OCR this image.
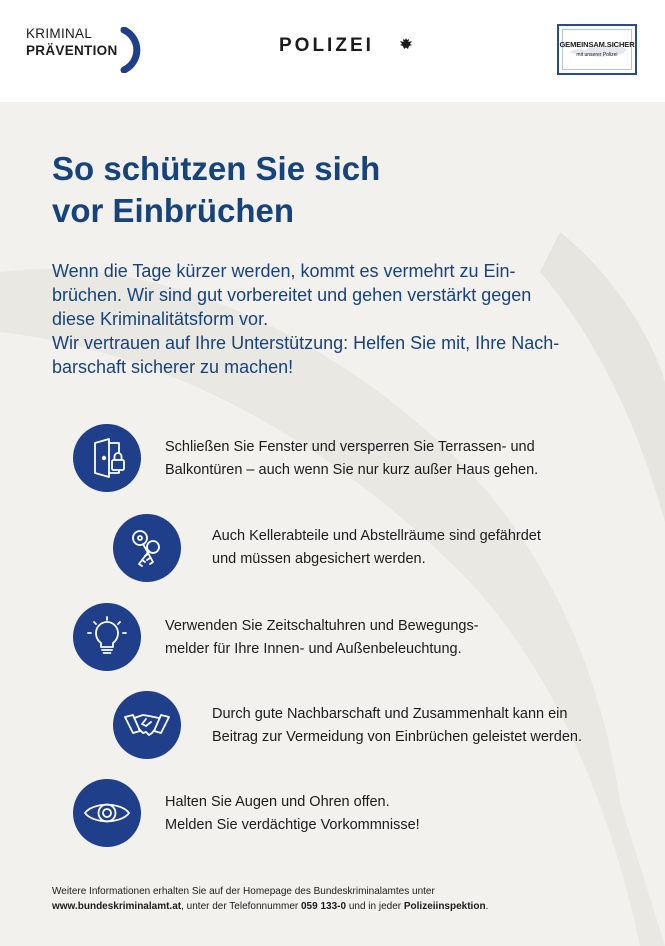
KRIMINAL
PRÄVENTION	POLIZEI	GEMEINSAM.SICHER
mit unserer Polizei
So schützen Sie sich
vor Einbrüchen
Wenn die Tage kürzer werden, kommt es vermehrt zu Ein-
brüchen. Wir sind gut vorbereitet und gehen verstärkt gegen
diese Kriminalitätsform vor.
Wir vertrauen auf Ihre Unterstützung: Helfen Sie mit, Ihre Nach-
barschaft sicherer zu machen!
Schließen Sie Fenster und versperren Sie Terrassen- und
Balkontüren – auch wenn Sie nur kurz außer Haus gehen.
Auch Kellerabteile und Abstellräume sind gefährdet
und müssen abgesichert werden.
Verwenden Sie Zeitschaltuhren und Bewegungs-
melder für Ihre Innen- und Außenbeleuchtung.
Durch gute Nachbarschaft und Zusammenhalt kann ein
Beitrag zur Vermeidung von Einbrüchen geleistet werden.
Halten Sie Augen und Ohren offen.
Melden Sie verdächtige Vorkommnisse!
Weitere Informationen erhalten Sie auf der Homepage des Bundeskriminalamtes unter
www.bundeskriminalamt.at, unter der Telefonnummer 059 133-0 und in jeder Polizeiinspektion.
